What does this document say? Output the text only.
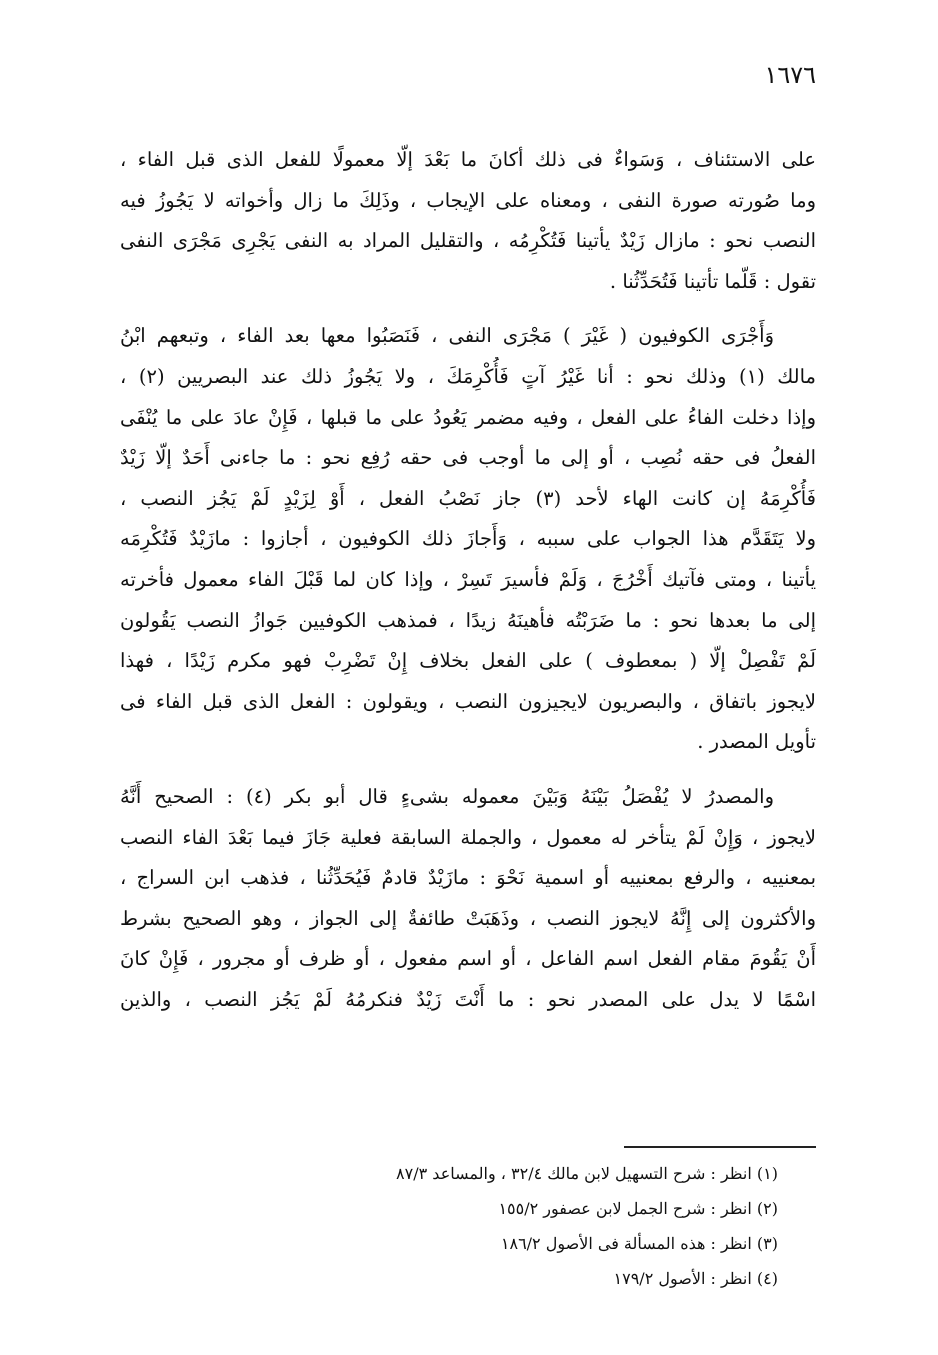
١٦٧٦

على الاستئناف ، وَسَواءٌ فى ذلك أكانَ ما بَعْدَ إلّا معمولًا للفعل الذى قبل الفاء ،
وما صُورته صورة النفى ، ومعناه على الإيجاب ، وذَلِكَ ما زال وأخواته لا يَجُوزُ فيه
النصب نحو : مازال زَيْدٌ يأتينا فَتُكْرِمُه ، والتقليل المراد به النفى يَجْرِى مَجْرَى النفى
تقول : قَلّما تأتينا فَتُحَدِّثُنا .

وَأَجْرَى الكوفيون ( غَيْرَ ) مَجْرَى النفى ، فَنَصَبُوا معها بعد الفاء ، وتبعهم ابْنُ
مالك (١) وذلك نحو : أنا غَيْرُ آتٍ فَأُكْرِمَكَ ، ولا يَجُوزُ ذلك عند البصريين (٢) ،
وإذا دخلت الفاءُ على الفعل ، وفيه مضمر يَعُودُ على ما قبلها ، فَإِنْ عادَ على ما يُنْفَى
الفعلُ فى حقه نُصِب ، أو إلى ما أوجب فى حقه رُفِع نحو : ما جاءنى أَحَدٌ إلّا زَيْدٌ
فَأُكْرِمَهُ إن كانت الهاء لأحد (٣) جاز نَصْبُ الفعل ، أَوْ لِزَيْدٍ لَمْ يَجُز النصب ،
ولا يَتَقَدَّم هذا الجواب على سببه ، وَأَجازَ ذلك الكوفيون ، أجازوا : مازَيْدٌ فَتُكْرِمَه
يأتينا ، ومتى فآتيك أَخْرُجَ ، وَلَمْ فأسيرَ تَسِرْ ، وإذا كان لما قَبْلَ الفاء معمول فأخرته
إلى ما بعدها نحو : ما ضَرَبْتُه فأهينَهُ زيدًا ، فمذهب الكوفيين جَوازُ النصب يَقُولون
لَمْ تَفْصِلْ إلّا ( بمعطوف ) على الفعل بخلاف إِنْ تَضْرِبْ فهو مكرم زَيْدًا ، فهذا
لايجوز باتفاق ، والبصريون لايجيزون النصب ، ويقولون : الفعل الذى قبل الفاء فى
تأويل المصدر .

والمصدرُ لا يُفْصَلُ بَيْنَهُ وَبَيْنَ معموله بشىءٍ قال أبو بكر (٤) : الصحيح أَنَّهُ
لايجوز ، وَإِنْ لَمْ يتأخر له معمول ، والجملة السابقة فعلية جَازَ فيما بَعْدَ الفاء النصب
بمعنييه ، والرفع بمعنييه أو اسمية نَحْوَ : مازَيْدٌ قادمٌ فَيُحَدِّثُنا ، فذهب ابن السراج ،
والأكثرون إلى إِنَّهُ لايجوز النصب ، وذَهَبَتْ طائفةٌ إلى الجواز ، وهو الصحيح بشرط
أَنْ يَقُومَ مقام الفعل اسم الفاعل ، أو اسم مفعول ، أو ظرف أو مجرور ، فَإِنْ كانَ
اسْمًا لا يدل على المصدر نحو : ما أَنْتَ زَيْدٌ فنكرمُهُ لَمْ يَجُز النصب ، والذين

(١) انظر : شرح التسهيل لابن مالك ٣٢/٤ ، والمساعد ٨٧/٣
(٢) انظر : شرح الجمل لابن عصفور ١٥٥/٢
(٣) انظر : هذه المسألة فى الأصول ١٨٦/٢
(٤) انظر : الأصول ١٧٩/٢
